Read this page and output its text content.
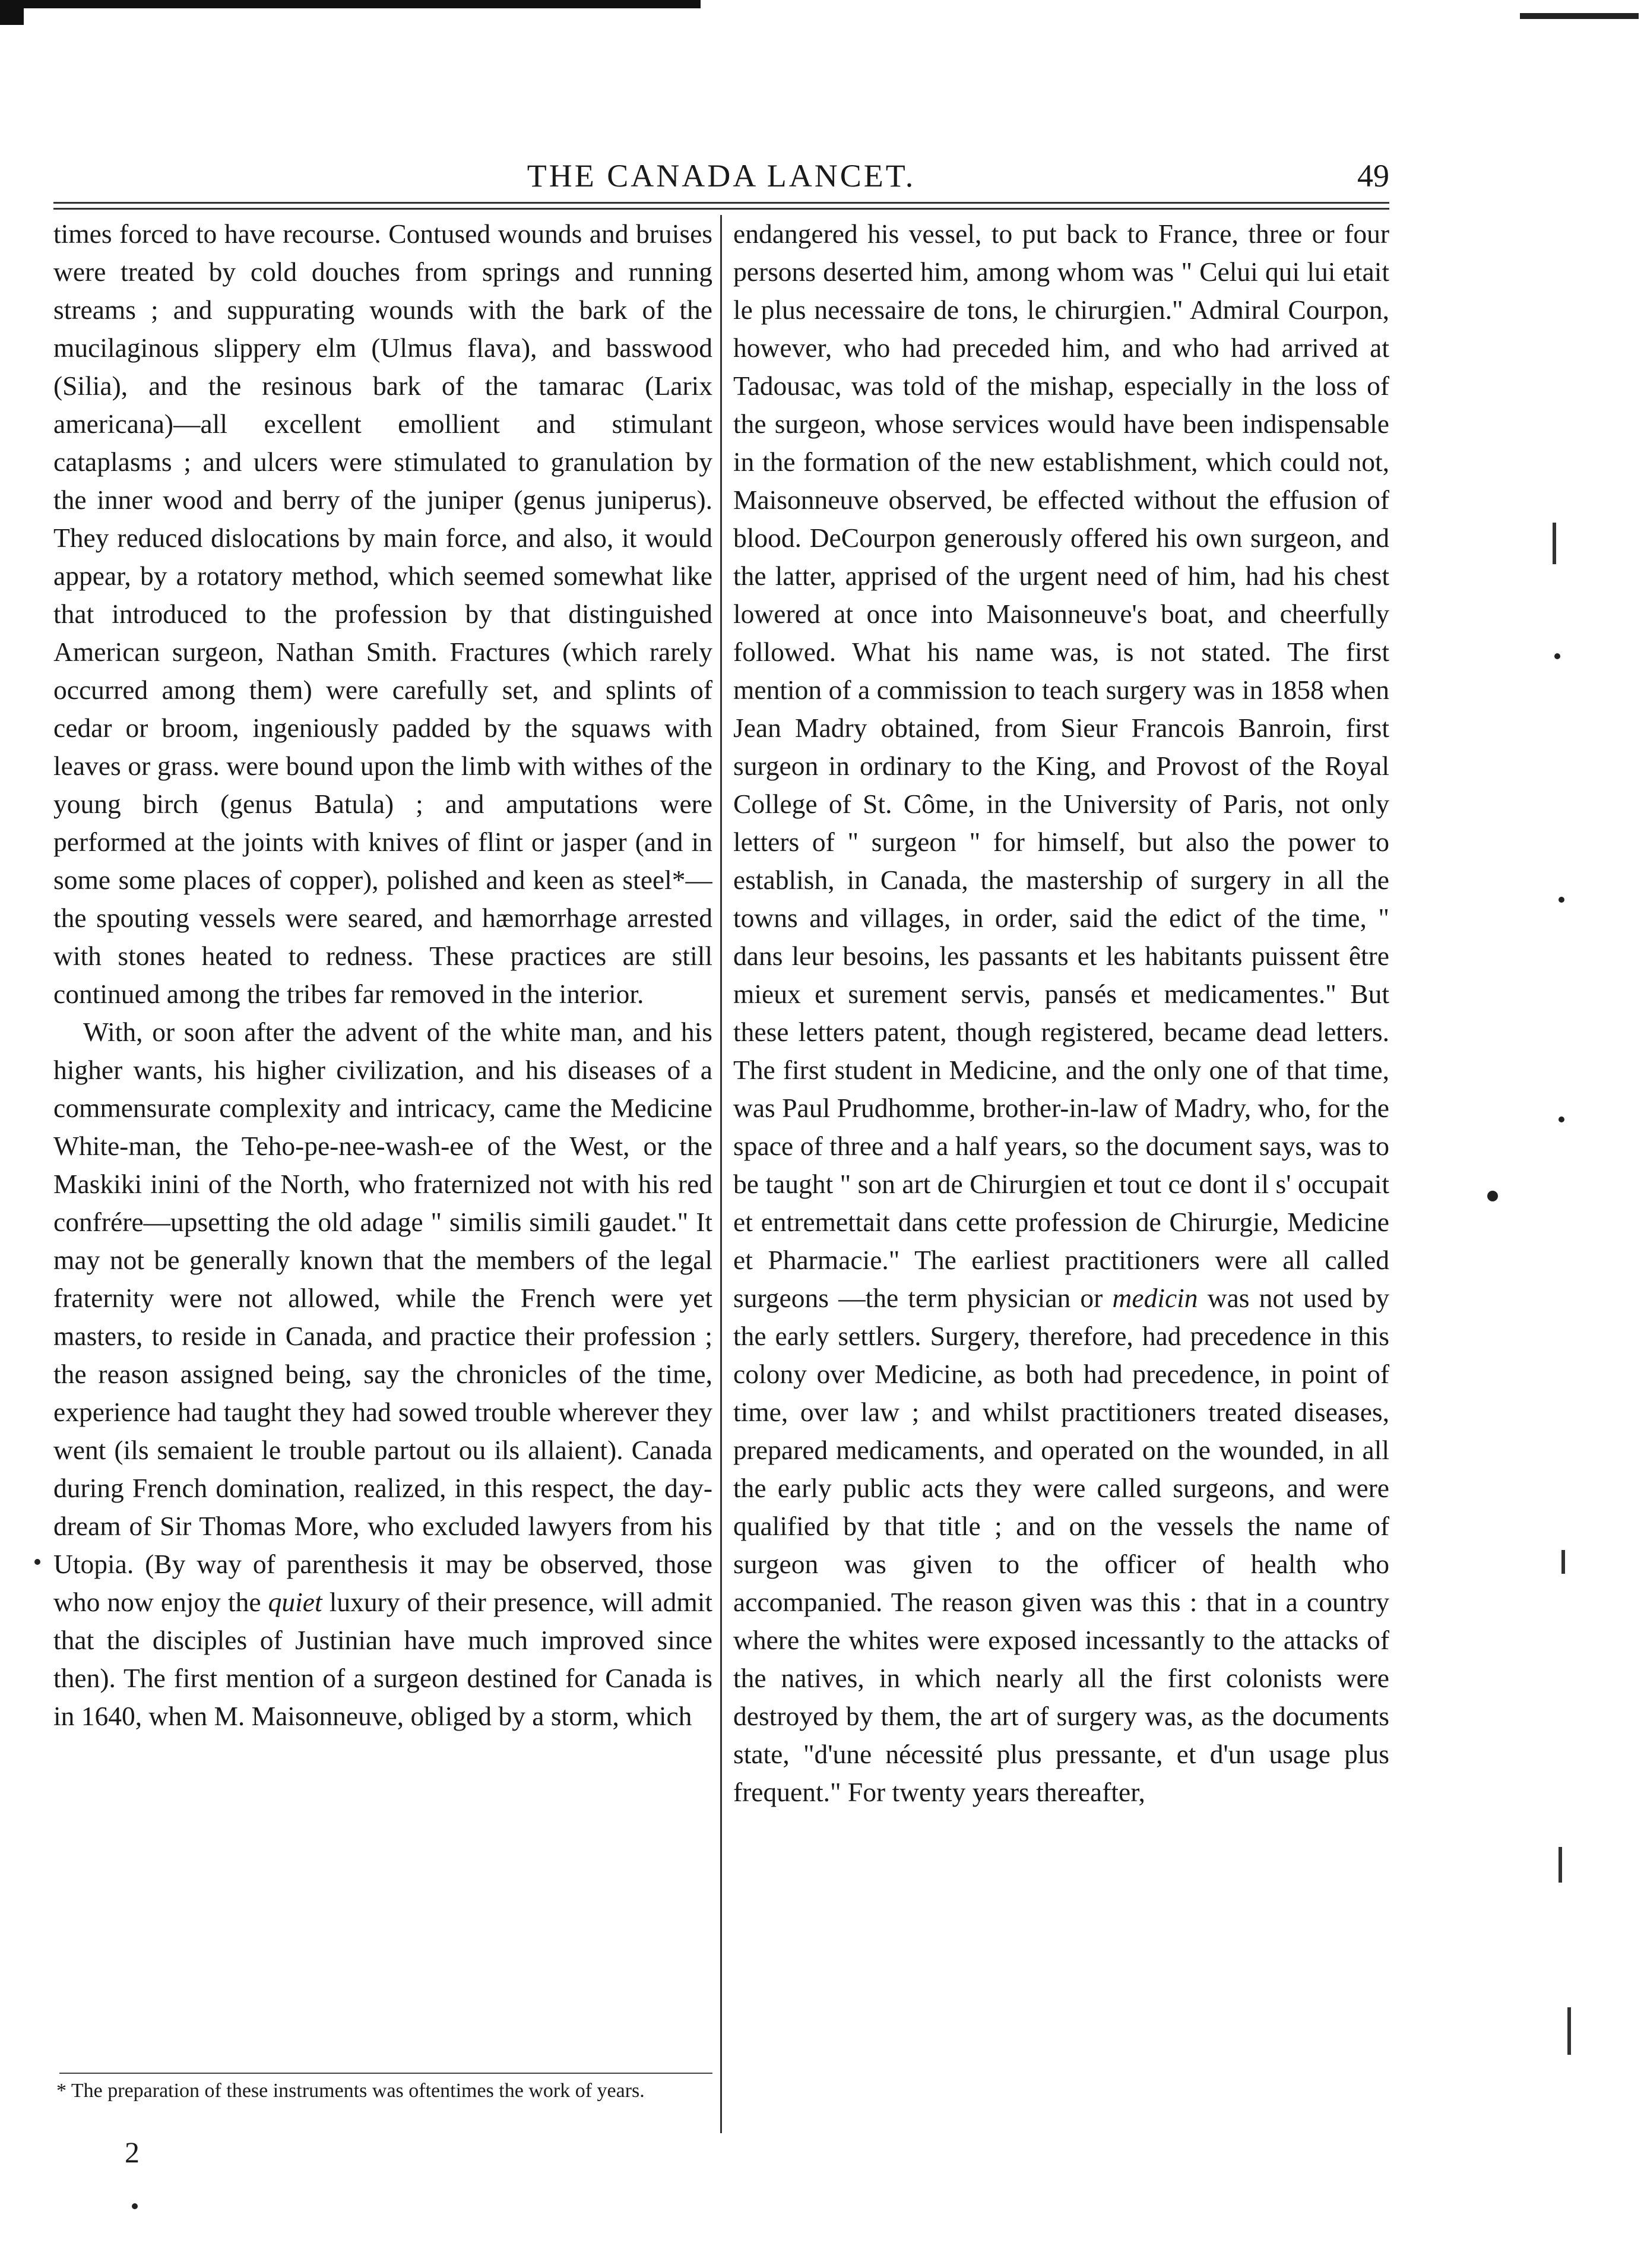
THE CANADA LANCET.	49

times forced to have recourse. Contused wounds and bruises were treated by cold douches from springs and running streams ; and suppurating wounds with the bark of the mucilaginous slippery elm (Ulmus flava), and basswood (Silia), and the resinous bark of the tamarac (Larix americana)—all excellent emollient and stimulant cataplasms ; and ulcers were stimulated to granulation by the inner wood and berry of the juniper (genus juniperus). They reduced dislocations by main force, and also, it would appear, by a rotatory method, which seemed somewhat like that introduced to the profession by that distinguished American surgeon, Nathan Smith. Fractures (which rarely occurred among them) were carefully set, and splints of cedar or broom, ingeniously padded by the squaws with leaves or grass. were bound upon the limb with withes of the young birch (genus Batula) ; and amputations were performed at the joints with knives of flint or jasper (and in some some places of copper), polished and keen as steel*—the spouting vessels were seared, and hæmorrhage arrested with stones heated to redness. These practices are still continued among the tribes far removed in the interior.

With, or soon after the advent of the white man, and his higher wants, his higher civilization, and his diseases of a commensurate complexity and intricacy, came the Medicine White-man, the Teho-pe-nee-wash-ee of the West, or the Maskiki inini of the North, who fraternized not with his red confrére—upsetting the old adage " similis simili gaudet." It may not be generally known that the members of the legal fraternity were not allowed, while the French were yet masters, to reside in Canada, and practice their profession ; the reason assigned being, say the chronicles of the time, experience had taught they had sowed trouble wherever they went (ils semaient le trouble partout ou ils allaient). Canada during French domination, realized, in this respect, the day-dream of Sir Thomas More, who excluded lawyers from his Utopia. (By way of parenthesis it may be observed, those who now enjoy the quiet luxury of their presence, will admit that the disciples of Justinian have much improved since then). The first mention of a surgeon destined for Canada is in 1640, when M. Maisonneuve, obliged by a storm, which

endangered his vessel, to put back to France, three or four persons deserted him, among whom was " Celui qui lui etait le plus necessaire de tons, le chirurgien." Admiral Courpon, however, who had preceded him, and who had arrived at Tadousac, was told of the mishap, especially in the loss of the surgeon, whose services would have been indispensable in the formation of the new establishment, which could not, Maisonneuve observed, be effected without the effusion of blood. DeCourpon generously offered his own surgeon, and the latter, apprised of the urgent need of him, had his chest lowered at once into Maisonneuve's boat, and cheerfully followed. What his name was, is not stated. The first mention of a commission to teach surgery was in 1858 when Jean Madry obtained, from Sieur Francois Banroin, first surgeon in ordinary to the King, and Provost of the Royal College of St. Côme, in the University of Paris, not only letters of " surgeon " for himself, but also the power to establish, in Canada, the mastership of surgery in all the towns and villages, in order, said the edict of the time, " dans leur besoins, les passants et les habitants puissent être mieux et surement servis, pansés et medicamentes." But these letters patent, though registered, became dead letters. The first student in Medicine, and the only one of that time, was Paul Prudhomme, brother-in-law of Madry, who, for the space of three and a half years, so the document says, was to be taught " son art de Chirurgien et tout ce dont il s' occupait et entremettait dans cette profession de Chirurgie, Medicine et Pharmacie." The earliest practitioners were all called surgeons —the term physician or medicin was not used by the early settlers. Surgery, therefore, had precedence in this colony over Medicine, as both had precedence, in point of time, over law ; and whilst practitioners treated diseases, prepared medicaments, and operated on the wounded, in all the early public acts they were called surgeons, and were qualified by that title ; and on the vessels the name of surgeon was given to the officer of health who accompanied. The reason given was this : that in a country where the whites were exposed incessantly to the attacks of the natives, in which nearly all the first colonists were destroyed by them, the art of surgery was, as the documents state, "d'une nécessité plus pressante, et d'un usage plus frequent." For twenty years thereafter,

* The preparation of these instruments was oftentimes the work of years.
2
